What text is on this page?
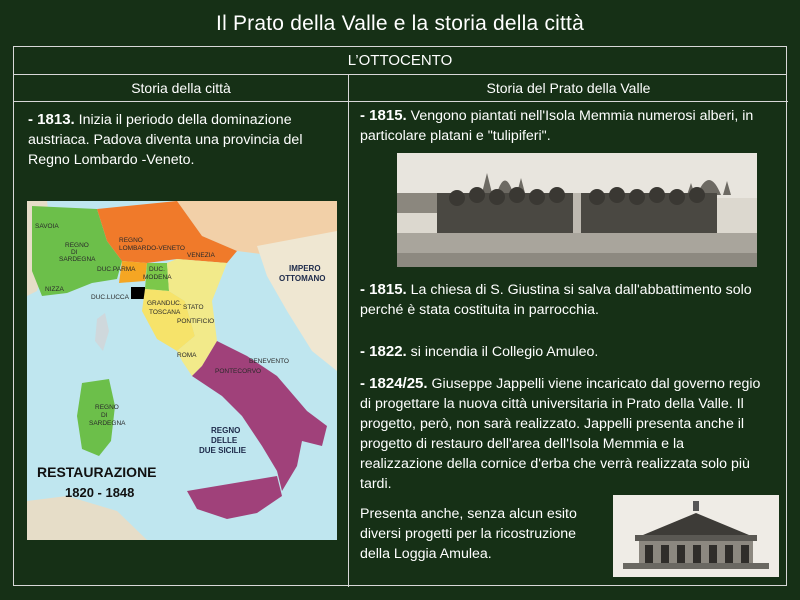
Il Prato della Valle e la storia della città
L’OTTOCENTO
Storia della città	Storia del Prato della Valle
- 1813. Inizia il periodo della dominazione austriaca. Padova diventa una provincia del Regno Lombardo -Veneto.
SAVOIA
REGNO
DI
SARDEGNA
REGNO
LOMBARDO-VENETO
VENEZIA
DUC.PARMA DUC.
MODENA
NIZZA
DUC.LUCCA
GRANDUC.
TOSCANA
STATO
PONTIFICIO
ROMA
PONTECORVO
BENEVENTO
REGNO
DI
SARDEGNA
IMPERO
OTTOMANO
REGNO
DELLE
DUE SICILIE
RESTAURAZIONE
1820 - 1848
- 1815. Vengono piantati nell'Isola Memmia numerosi alberi, in particolare platani e "tulipiferi".
- 1815. La chiesa di S. Giustina si salva dall'abbattimento solo perché è stata costituita in parrocchia.
- 1822. si incendia il Collegio Amuleo.
- 1824/25. Giuseppe Jappelli viene incaricato dal governo regio di progettare la nuova città universitaria in Prato della Valle. Il progetto, però, non sarà realizzato. Jappelli presenta anche il progetto di restauro dell'area dell'Isola Memmia e la realizzazione della cornice d'erba che verrà realizzata solo più tardi.
Presenta anche, senza alcun esito diversi progetti per la ricostruzione della Loggia Amulea.
